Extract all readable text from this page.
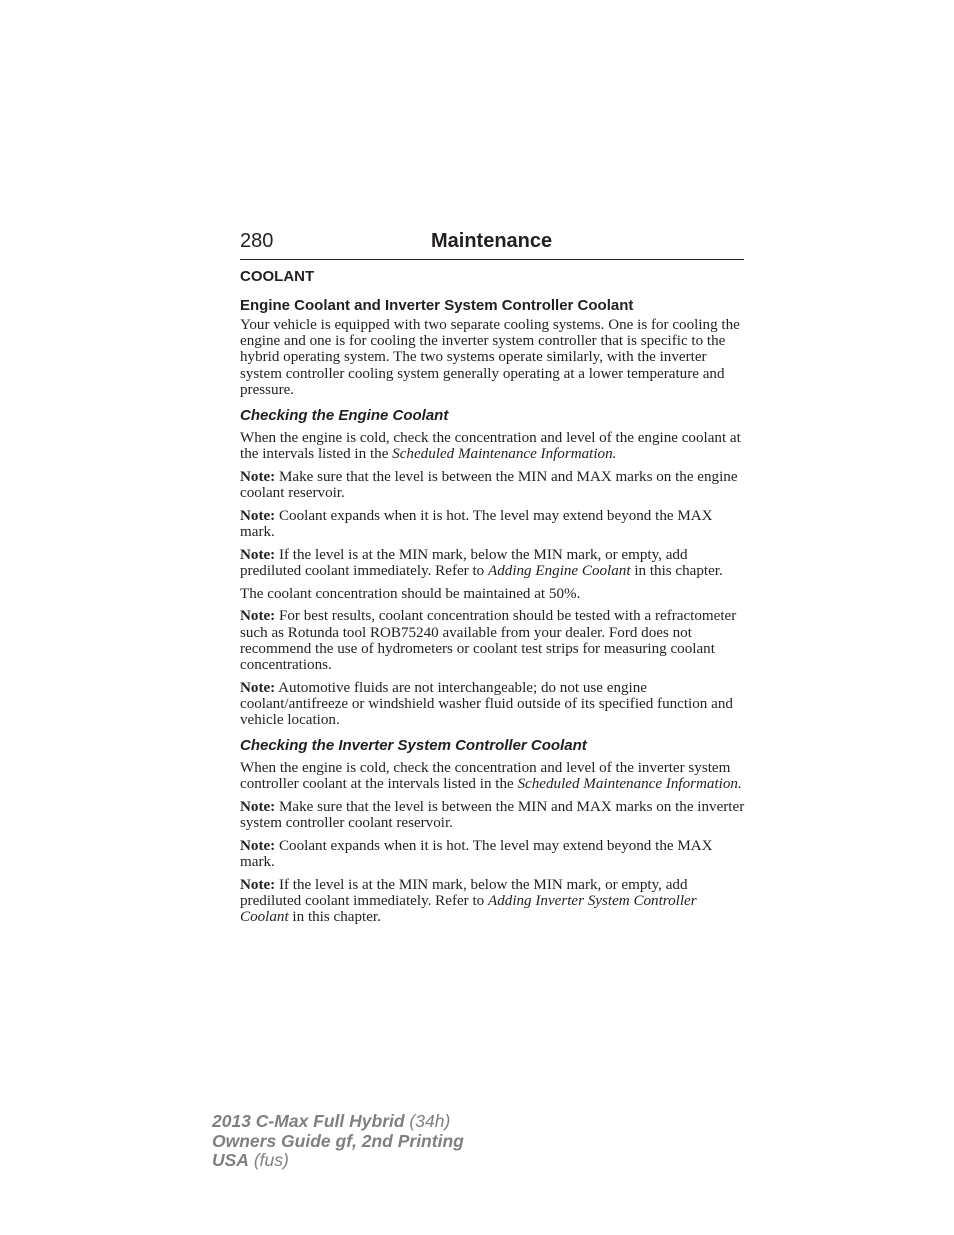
280	Maintenance
COOLANT
Engine Coolant and Inverter System Controller Coolant

Your vehicle is equipped with two separate cooling systems. One is for cooling the engine and one is for cooling the inverter system controller that is specific to the hybrid operating system. The two systems operate similarly, with the inverter system controller cooling system generally operating at a lower temperature and pressure.

Checking the Engine Coolant

When the engine is cold, check the concentration and level of the engine coolant at the intervals listed in the Scheduled Maintenance Information.

Note: Make sure that the level is between the MIN and MAX marks on the engine coolant reservoir.

Note: Coolant expands when it is hot. The level may extend beyond the MAX mark.

Note: If the level is at the MIN mark, below the MIN mark, or empty, add prediluted coolant immediately. Refer to Adding Engine Coolant in this chapter.

The coolant concentration should be maintained at 50%.

Note: For best results, coolant concentration should be tested with a refractometer such as Rotunda tool ROB75240 available from your dealer. Ford does not recommend the use of hydrometers or coolant test strips for measuring coolant concentrations.

Note: Automotive fluids are not interchangeable; do not use engine coolant/antifreeze or windshield washer fluid outside of its specified function and vehicle location.

Checking the Inverter System Controller Coolant

When the engine is cold, check the concentration and level of the inverter system controller coolant at the intervals listed in the Scheduled Maintenance Information.

Note: Make sure that the level is between the MIN and MAX marks on the inverter system controller coolant reservoir.

Note: Coolant expands when it is hot. The level may extend beyond the MAX mark.

Note: If the level is at the MIN mark, below the MIN mark, or empty, add prediluted coolant immediately. Refer to Adding Inverter System Controller Coolant in this chapter.

2013 C-Max Full Hybrid (34h)
Owners Guide gf, 2nd Printing
USA (fus)
